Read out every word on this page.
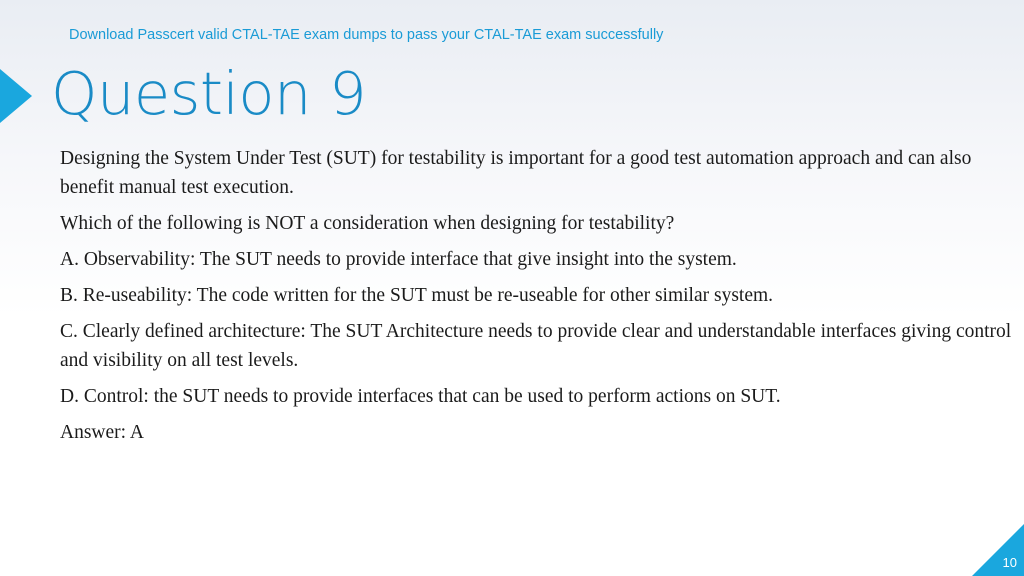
Download Passcert valid CTAL-TAE exam dumps to pass your CTAL-TAE exam successfully
Question 9

Designing the System Under Test (SUT) for testability is important for a good test automation approach and can also benefit manual test execution.

Which of the following is NOT a consideration when designing for testability?

A. Observability: The SUT needs to provide interface that give insight into the system.

B. Re-useability: The code written for the SUT must be re-useable for other similar system.

C. Clearly defined architecture: The SUT Architecture needs to provide clear and understandable interfaces giving control and visibility on all test levels.

D. Control: the SUT needs to provide interfaces that can be used to perform actions on SUT.

Answer: A

10
